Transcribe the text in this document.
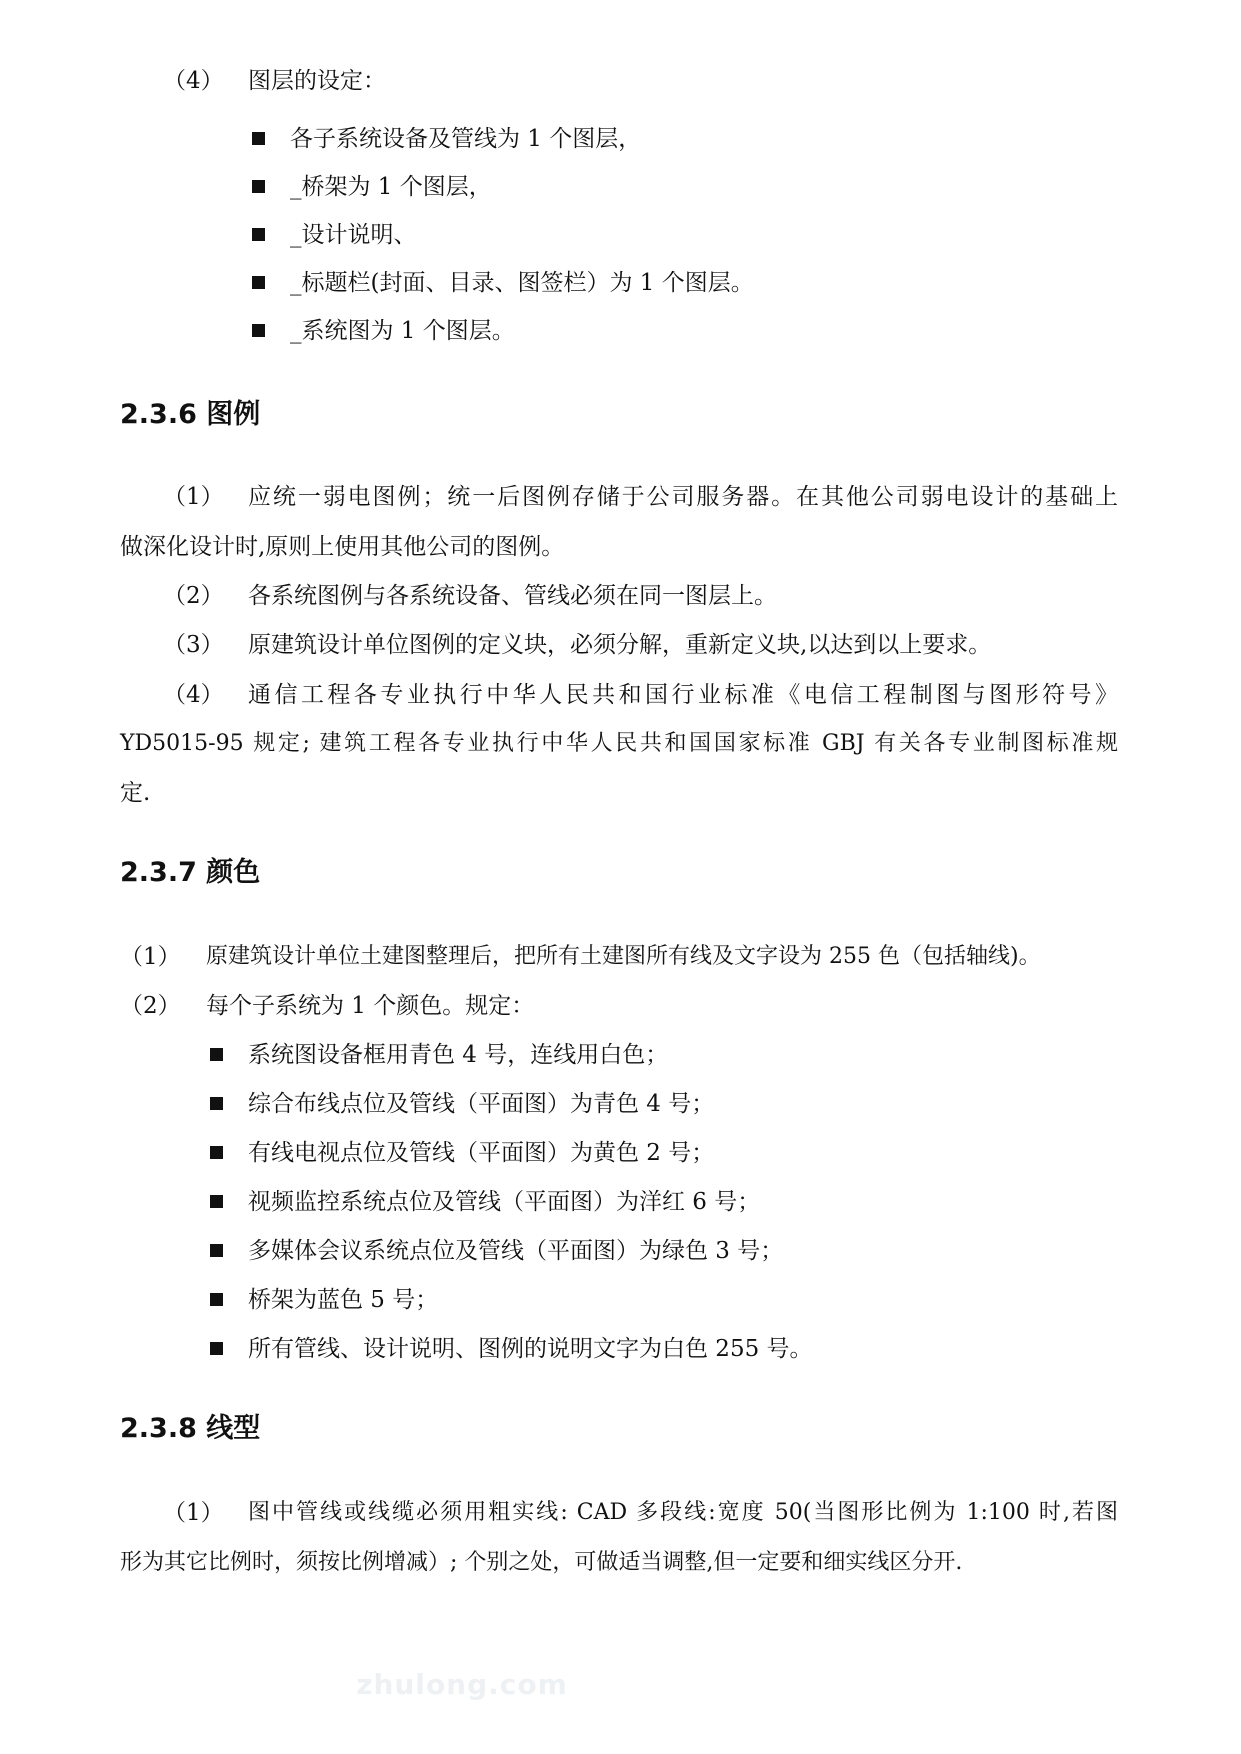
（4） 图层的设定：
各子系统设备及管线为 1 个图层，
_桥架为 1 个图层，
_设计说明、
_标题栏(封面、目录、图签栏）为 1 个图层。
_系统图为 1 个图层。
2.3.6 图例
（1） 应统一弱电图例；统一后图例存储于公司服务器。在其他公司弱电设计的基础上
做深化设计时,原则上使用其他公司的图例。
（2） 各系统图例与各系统设备、管线必须在同一图层上。
（3） 原建筑设计单位图例的定义块，必须分解，重新定义块,以达到以上要求。
（4） 通信工程各专业执行中华人民共和国行业标准《电信工程制图与图形符号》
YD5015-95 规定; 建筑工程各专业执行中华人民共和国国家标准 GBJ 有关各专业制图标准规
定.
2.3.7 颜色
（1） 原建筑设计单位土建图整理后，把所有土建图所有线及文字设为 255 色（包括轴线)。
（2） 每个子系统为 1 个颜色。规定：
系统图设备框用青色 4 号，连线用白色；
综合布线点位及管线（平面图）为青色 4 号；
有线电视点位及管线（平面图）为黄色 2 号；
视频监控系统点位及管线（平面图）为洋红 6 号；
多媒体会议系统点位及管线（平面图）为绿色 3 号；
桥架为蓝色 5 号；
所有管线、设计说明、图例的说明文字为白色 255 号。
2.3.8 线型
（1） 图中管线或线缆必须用粗实线: CAD 多段线:宽度 50(当图形比例为 1:100 时,若图
形为其它比例时，须按比例增减）; 个别之处，可做适当调整,但一定要和细实线区分开.
zhulong.com
